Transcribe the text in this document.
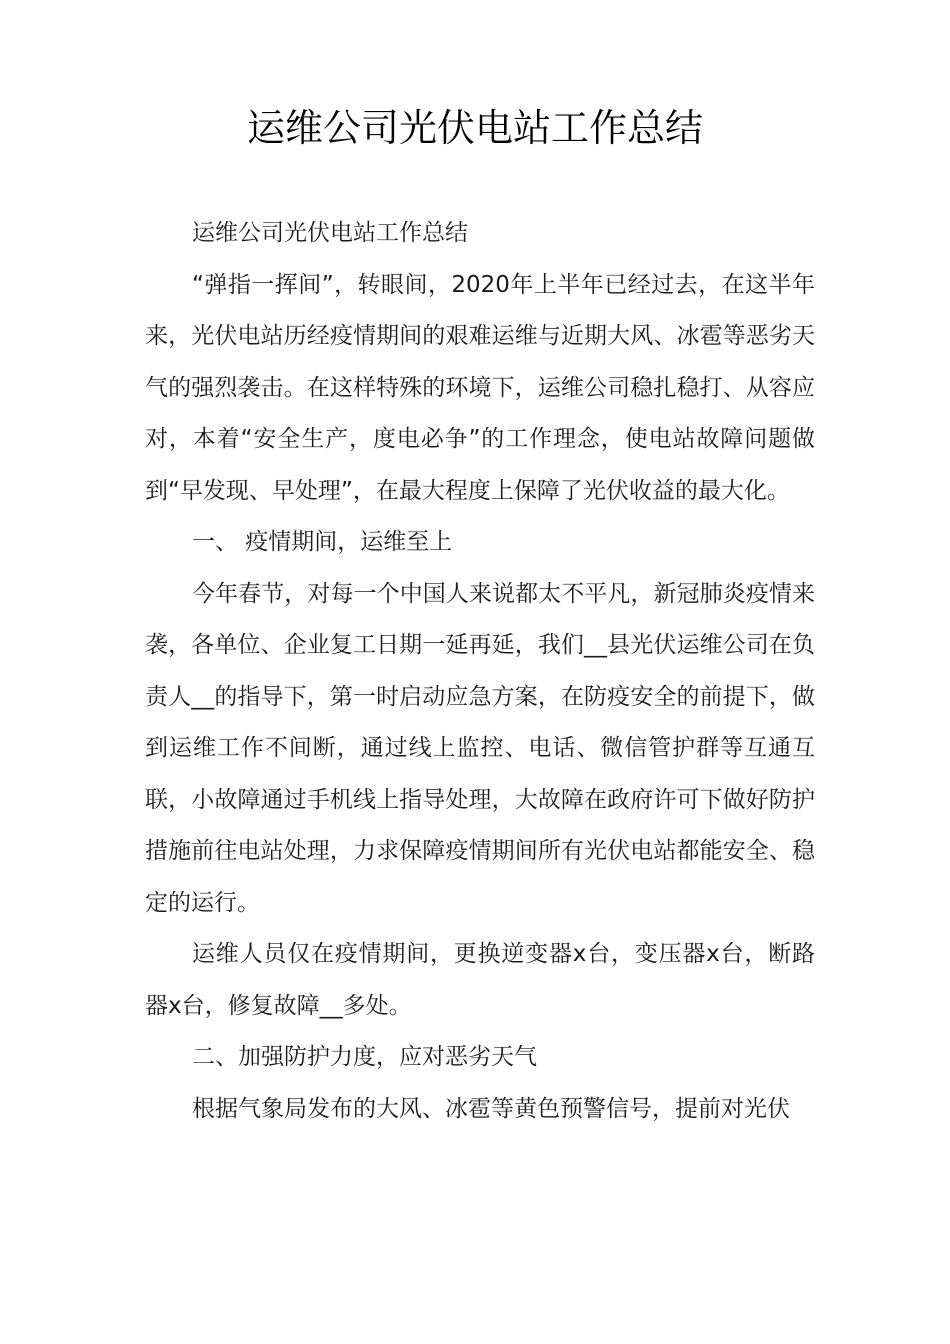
运维公司光伏电站工作总结

运维公司光伏电站工作总结

“弹指一挥间”，转眼间，2020年上半年已经过去，在这半年来，光伏电站历经疫情期间的艰难运维与近期大风、冰雹等恶劣天气的强烈袭击。在这样特殊的环境下，运维公司稳扎稳打、从容应对，本着“安全生产，度电必争”的工作理念，使电站故障问题做到“早发现、早处理”，在最大程度上保障了光伏收益的最大化。

一、 疫情期间，运维至上

今年春节，对每一个中国人来说都太不平凡，新冠肺炎疫情来袭，各单位、企业复工日期一延再延，我们__县光伏运维公司在负责人__的指导下，第一时启动应急方案，在防疫安全的前提下，做到运维工作不间断，通过线上监控、电话、微信管护群等互通互联，小故障通过手机线上指导处理，大故障在政府许可下做好防护措施前往电站处理，力求保障疫情期间所有光伏电站都能安全、稳定的运行。

运维人员仅在疫情期间，更换逆变器x台，变压器x台，断路器x台，修复故障__多处。

二、加强防护力度，应对恶劣天气

根据气象局发布的大风、冰雹等黄色预警信号，提前对光伏
